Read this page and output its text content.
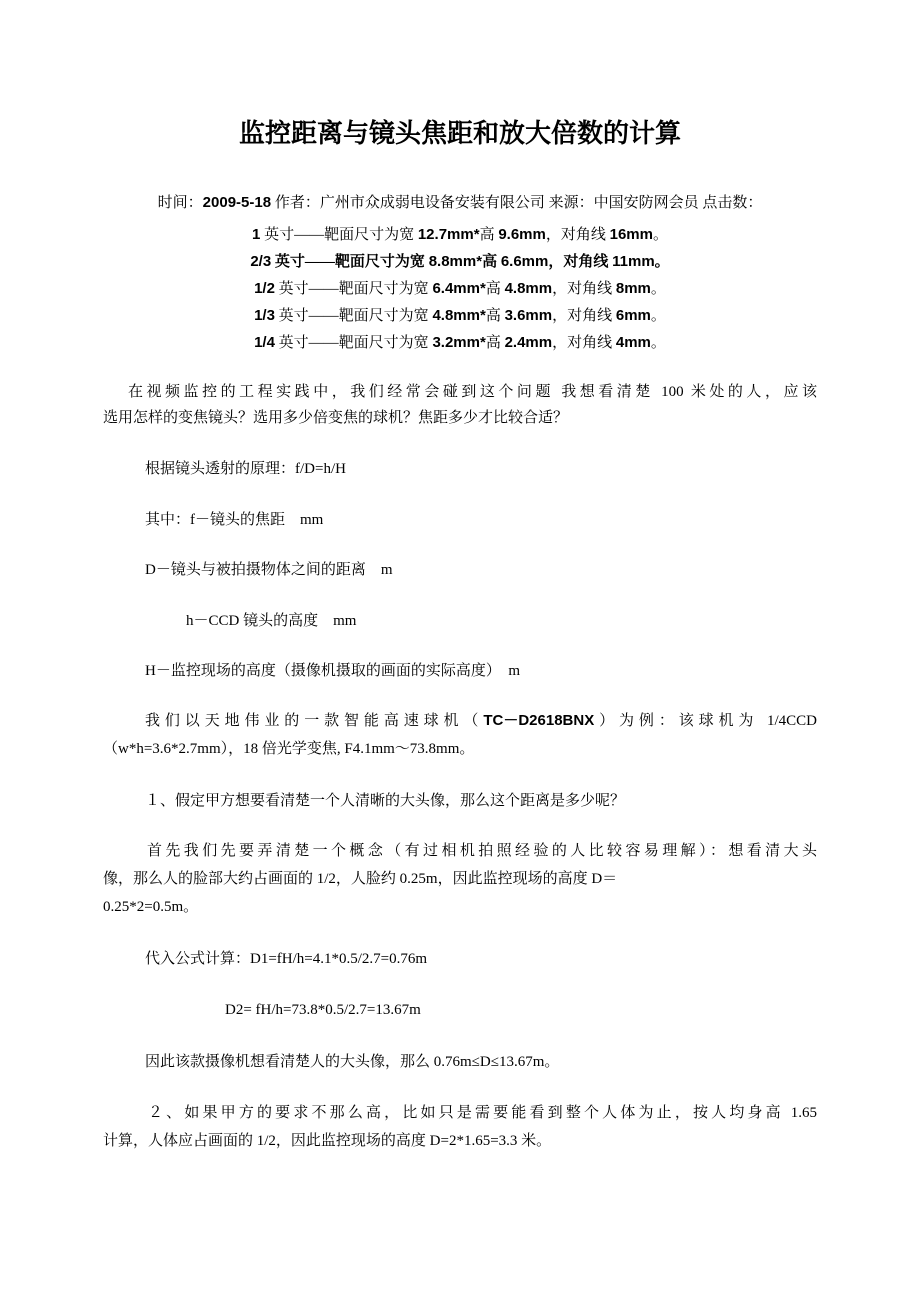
监控距离与镜头焦距和放大倍数的计算
时间：2009-5-18 作者：广州市众成弱电设备安装有限公司 来源：中国安防网会员 点击数：
1 英寸——靶面尺寸为宽 12.7mm*高 9.6mm，对角线 16mm。
2/3 英寸——靶面尺寸为宽 8.8mm*高 6.6mm，对角线 11mm。
1/2 英寸——靶面尺寸为宽 6.4mm*高 4.8mm，对角线 8mm。
1/3 英寸——靶面尺寸为宽 4.8mm*高 3.6mm，对角线 6mm。
1/4 英寸——靶面尺寸为宽 3.2mm*高 2.4mm，对角线 4mm。
在视频监控的工程实践中，我们经常会碰到这个问题 我想看清楚 100 米处的人，应该
选用怎样的变焦镜头？选用多少倍变焦的球机？焦距多少才比较合适？
根据镜头透射的原理：f/D=h/H
其中：f－镜头的焦距　mm
D－镜头与被拍摄物体之间的距离　m
h－CCD 镜头的高度　mm
H－监控现场的高度（摄像机摄取的画面的实际高度）　m
我们以天地伟业的一款智能高速球机（TC－D2618BNX）为例：该球机为 1/4CCD
（w*h=3.6*2.7mm），18 倍光学变焦, F4.1mm～73.8mm。
１、假定甲方想要看清楚一个人清晰的大头像，那么这个距离是多少呢？
首先我们先要弄清楚一个概念（有过相机拍照经验的人比较容易理解）：想看清大头
像，那么人的脸部大约占画面的 1/2，人脸约 0.25m，因此监控现场的高度 D＝
0.25*2=0.5m。
代入公式计算：D1=fH/h=4.1*0.5/2.7=0.76m
D2= fH/h=73.8*0.5/2.7=13.67m
因此该款摄像机想看清楚人的大头像，那么 0.76m≤D≤13.67m。
２、如果甲方的要求不那么高，比如只是需要能看到整个人体为止，按人均身高 1.65
计算，人体应占画面的 1/2，因此监控现场的高度 D=2*1.65=3.3 米。
